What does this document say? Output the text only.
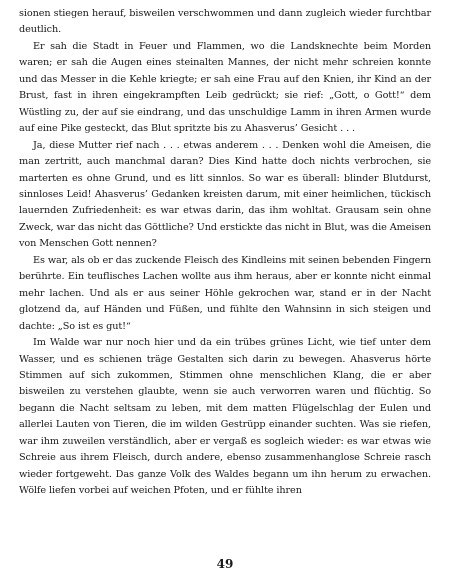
sionen stiegen herauf, bisweilen verschwommen und dann zugleich wieder furchtbar deutlich.

Er sah die Stadt in Feuer und Flammen, wo die Landsknechte beim Morden waren; er sah die Augen eines steinalten Mannes, der nicht mehr schreien konnte und das Messer in die Kehle kriegte; er sah eine Frau auf den Knien, ihr Kind an der Brust, fast in ihren eingekrampften Leib gedrückt; sie rief: „Gott, o Gott!“ dem Wüstling zu, der auf sie eindrang, und das unschuldige Lamm in ihren Armen wurde auf eine Pike gesteckt, das Blut spritzte bis zu Ahasverus’ Gesicht . . .

Ja, diese Mutter rief nach . . . etwas anderem . . . Denken wohl die Ameisen, die man zertritt, auch manchmal daran? Dies Kind hatte doch nichts verbrochen, sie marterten es ohne Grund, und es litt sinnlos. So war es überall: blinder Blutdurst, sinnloses Leid! Ahasverus’ Gedanken kreisten darum, mit einer heimlichen, tückisch lauernden Zufriedenheit: es war etwas darin, das ihm wohltat. Grausam sein ohne Zweck, war das nicht das Göttliche? Und erstickte das nicht in Blut, was die Ameisen von Menschen Gott nennen?

Es war, als ob er das zuckende Fleisch des Kindleins mit seinen bebenden Fingern berührte. Ein teuflisches Lachen wollte aus ihm heraus, aber er konnte nicht einmal mehr lachen. Und als er aus seiner Höhle gekrochen war, stand er in der Nacht glotzend da, auf Händen und Füßen, und fühlte den Wahnsinn in sich steigen und dachte: „So ist es gut!“

Im Walde war nur noch hier und da ein trübes grünes Licht, wie tief unter dem Wasser, und es schienen träge Gestalten sich darin zu bewegen. Ahasverus hörte Stimmen auf sich zukommen, Stimmen ohne menschlichen Klang, die er aber bisweilen zu verstehen glaubte, wenn sie auch verworren waren und flüchtig. So begann die Nacht seltsam zu leben, mit dem matten Flügelschlag der Eulen und allerlei Lauten von Tieren, die im wilden Gestrüpp einander suchten. Was sie riefen, war ihm zuweilen verständlich, aber er vergaß es sogleich wieder: es war etwas wie Schreie aus ihrem Fleisch, durch andere, ebenso zusammenhanglose Schreie rasch wieder fortgeweht. Das ganze Volk des Waldes begann um ihn herum zu erwachen. Wölfe liefen vorbei auf weichen Pfoten, und er fühlte ihren

49
